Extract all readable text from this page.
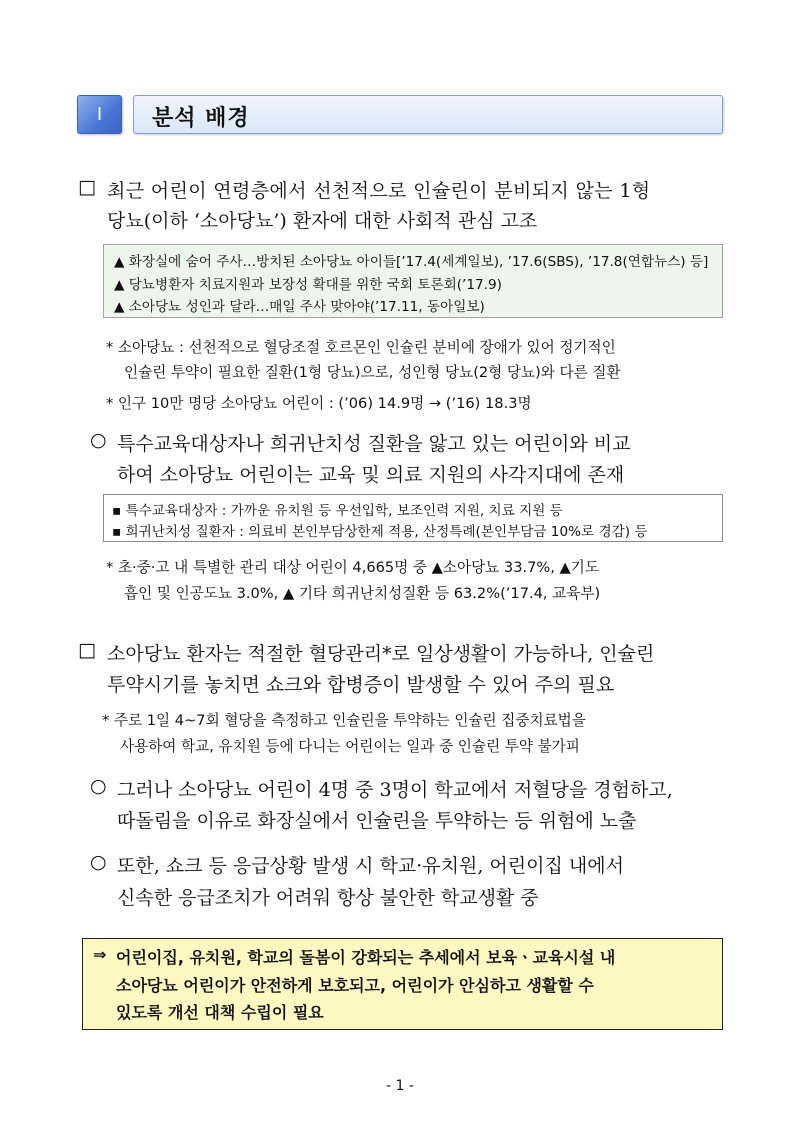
Ⅰ 분석 배경
□ 최근 어린이 연령층에서 선천적으로 인슐린이 분비되지 않는 1형
당뇨(이하 ‘소아당뇨’) 환자에 대한 사회적 관심 고조
▲ 화장실에 숨어 주사…방치된 소아당뇨 아이들[’17.4(세계일보), ’17.6(SBS), ’17.8(연합뉴스) 등]
▲ 당뇨병환자 치료지원과 보장성 확대를 위한 국회 토론회(’17.9)
▲ 소아당뇨 성인과 달라…매일 주사 맞아야(’17.11, 동아일보)
* 소아당뇨 : 선천적으로 혈당조절 호르몬인 인슐린 분비에 장애가 있어 정기적인
인슐린 투약이 필요한 질환(1형 당뇨)으로, 성인형 당뇨(2형 당뇨)와 다른 질환
* 인구 10만 명당 소아당뇨 어린이 : (’06) 14.9명 → (’16) 18.3명
○ 특수교육대상자나 희귀난치성 질환을 앓고 있는 어린이와 비교
하여 소아당뇨 어린이는 교육 및 의료 지원의 사각지대에 존재
▪ 특수교육대상자 : 가까운 유치원 등 우선입학, 보조인력 지원, 치료 지원 등
▪ 희귀난치성 질환자 : 의료비 본인부담상한제 적용, 산정특례(본인부담금 10%로 경감) 등
* 초·중·고 내 특별한 관리 대상 어린이 4,665명 중 ▲소아당뇨 33.7%, ▲기도
흡인 및 인공도뇨 3.0%, ▲ 기타 희귀난치성질환 등 63.2%(’17.4, 교육부)
□ 소아당뇨 환자는 적절한 혈당관리*로 일상생활이 가능하나, 인슐린
투약시기를 놓치면 쇼크와 합병증이 발생할 수 있어 주의 필요
* 주로 1일 4~7회 혈당을 측정하고 인슐린을 투약하는 인슐린 집중치료법을
사용하여 학교, 유치원 등에 다니는 어린이는 일과 중 인슐린 투약 불가피
○ 그러나 소아당뇨 어린이 4명 중 3명이 학교에서 저혈당을 경험하고,
따돌림을 이유로 화장실에서 인슐린을 투약하는 등 위험에 노출
○ 또한, 쇼크 등 응급상황 발생 시 학교·유치원, 어린이집 내에서
신속한 응급조치가 어려워 항상 불안한 학교생활 중
⇒ 어린이집, 유치원, 학교의 돌봄이 강화되는 추세에서 보육ㆍ교육시설 내
소아당뇨 어린이가 안전하게 보호되고, 어린이가 안심하고 생활할 수
있도록 개선 대책 수립이 필요
- 1 -
